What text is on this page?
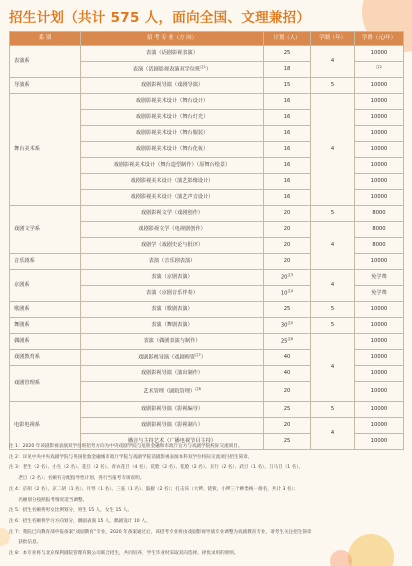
招生计划（共计 575 人，面向全国、文理兼招）
系 别	招 考 专 业（方 向）	计划（人）	学制（年）	学费（元/年）
表演系	表演（话剧影视表演）	25	4	10000
	表演（话剧影视表演双学位班$^{注1}$）	18		$^{注2}$
导演系	戏剧影视导演（戏剧导演）	15	5	10000
舞台美术系	戏剧影视美术设计（舞台设计）	16	4	10000
	戏剧影视美术设计（舞台灯光）	16		10000
	戏剧影视美术设计（舞台服装）	16		10000
	戏剧影视美术设计（舞台化妆）	16		10000
	戏剧影视美术设计（舞台造型制作）（原舞台绘景）	16		10000
	戏剧影视美术设计（演艺影像设计）	16		10000
	戏剧影视美术设计（演艺声音设计）	16		10000
戏剧文学系	戏剧影视文学（戏剧创作）	20	5	8000
	戏剧影视文学（电视剧创作）	20	4	8000
	戏剧学（戏剧史论与批评）	20		8000
音乐剧系	表演（音乐剧表演）	20		10000
京剧系	表演（京剧表演）	20$^{注3}$	4	免学费
	表演（京剧音乐伴奏）	10$^{注4}$		免学费
歌剧系	表演（歌剧表演）	25	5	10000
舞剧系	表演（舞剧表演）	30$^{注5}$	5	10000
偶剧系	表演（偶剧表演与制作）	25$^{注6}$	4	10000
戏剧教育系	戏剧影视导演（戏剧师资$^{注7}$）	40		10000
戏剧管理系	戏剧影视导演（演出制作）	40		10000
	艺术管理（剧院管理）$^{注8}$	20		10000
电影电视系	戏剧影视导演（影视编导）	25	5	10000
	戏剧影视导演（影视制片）	20	4	10000
	播音与主持艺术（广播电视节目主持）	25		10000
注 1：2020 年该剧影视表演双学位班招考方向为中央戏剧学院与危险金融和市政厅官方与戏剧学院校际交流项目。
注 2：详见中央中央戏剧学院与英国伦敦金融城市政厅学院与戏剧学院话剧影视表演本科双学位校际交流项目招生简章。
注 3：老生（2 名）、小生（2 名）、花旦（2 名）、青衣花旦（4 名）、花脸（2 名）、花脸（2 名）、丑行（2 名）、武旦（1 名）、刀马旦（1 名）、
　　老旦（2 名）；名额有分配指导性计划，各行当报考专项说明。
注 4：京胡（2 名）、京二胡（1 名）、月琴（1 名）、三弦（1 名）、鼓板（2 名）；打击乐（大锣、铙钹、小锣三个种类统一排名，共计 3 名）；
　　名额划分按照报考情况适当调整。
注 5：招生名额将男女比例划分，男生 15 人，女生 15 人。
注 6：招生名额将学习方向划分，偶剧表演 15 人，偶剧设计 10 人。
注 7：我院已向教育部申报备案“戏剧教育”专业，2020 年备案通过后，该招考专业将由戏剧影视导演专业调整为戏剧教育专业，请考生关注招生简章
　　获批信息。
注 8：本专业将与北京保利剧院管理有限公司联合招生，共同培养，学生毕业时采取双向选择、择优录用的原则。
